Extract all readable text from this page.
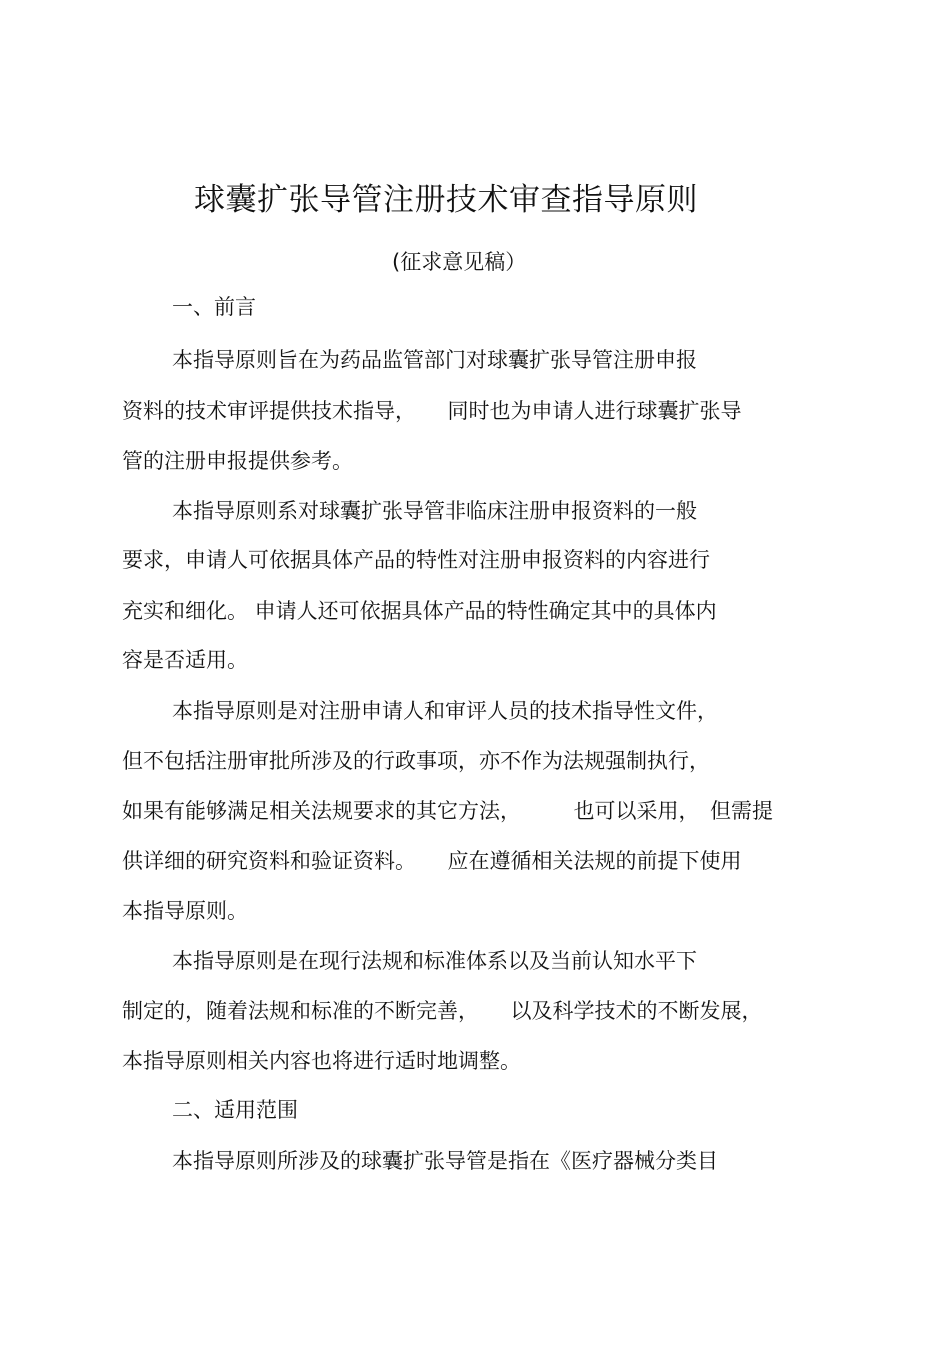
球囊扩张导管注册技术审查指导原则
(征求意见稿）
一、前言
本指导原则旨在为药品监管部门对球囊扩张导管注册申报
资料的技术审评提供技术指导，　　同时也为申请人进行球囊扩张导
管的注册申报提供参考。
本指导原则系对球囊扩张导管非临床注册申报资料的一般
要求，申请人可依据具体产品的特性对注册申报资料的内容进行
充实和细化。 申请人还可依据具体产品的特性确定其中的具体内
容是否适用。
本指导原则是对注册申请人和审评人员的技术指导性文件，
但不包括注册审批所涉及的行政事项，亦不作为法规强制执行，
如果有能够满足相关法规要求的其它方法，　　　也可以采用，　但需提
供详细的研究资料和验证资料。　　应在遵循相关法规的前提下使用
本指导原则。
本指导原则是在现行法规和标准体系以及当前认知水平下
制定的，随着法规和标准的不断完善，　　以及科学技术的不断发展，
本指导原则相关内容也将进行适时地调整。
二、适用范围
本指导原则所涉及的球囊扩张导管是指在《医疗器械分类目
